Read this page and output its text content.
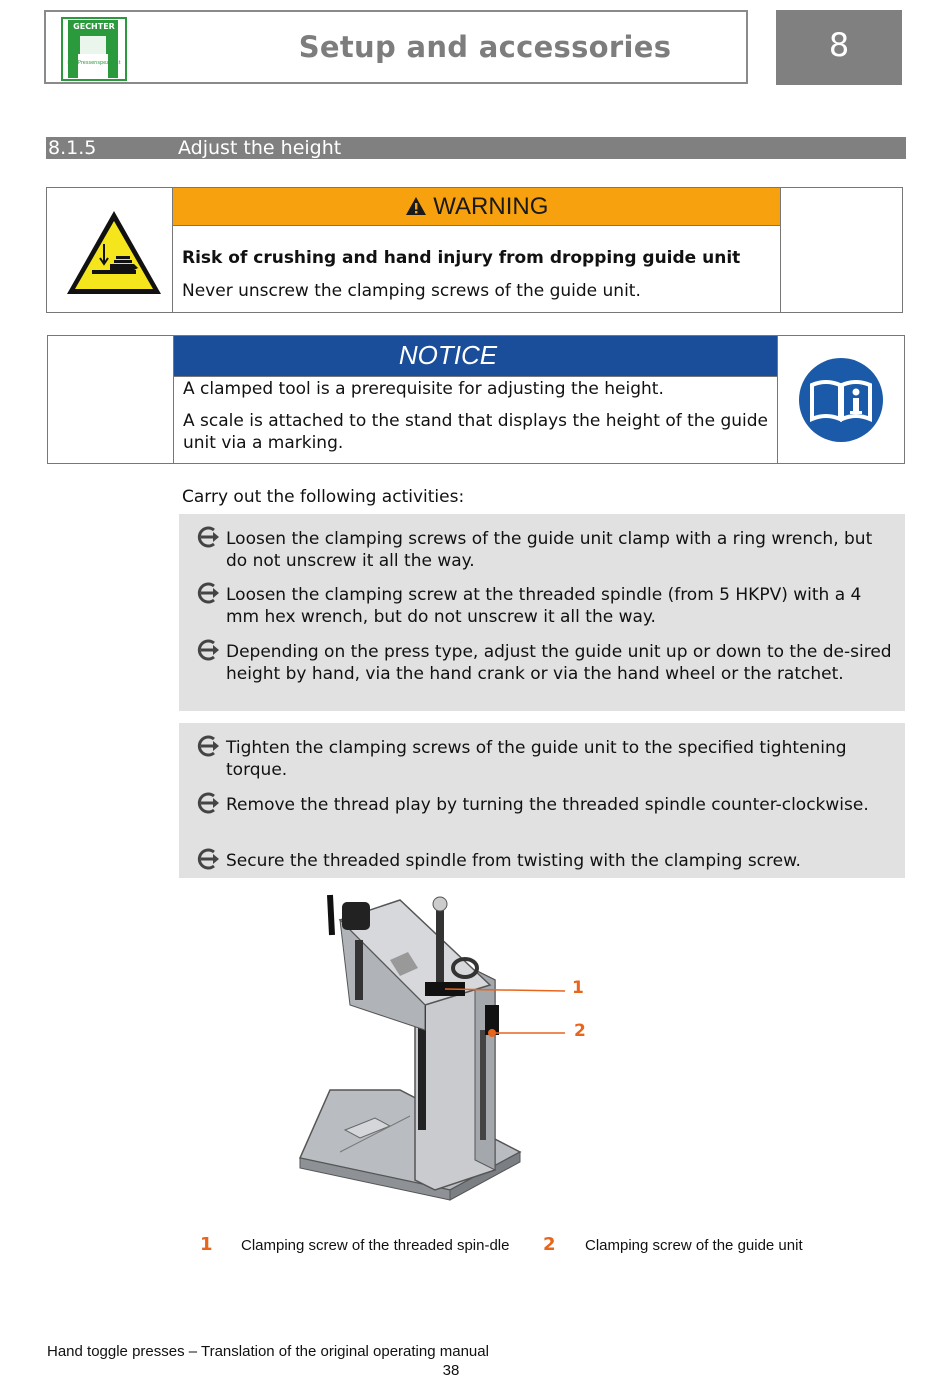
GECHTER
Der Pressenspezialist	Setup and accessories	8
8.1.5	Adjust the height
WARNING
Risk of crushing and hand injury from dropping guide unit
Never unscrew the clamping screws of the guide unit.
NOTICE
A clamped tool is a prerequisite for adjusting the height.
A scale is attached to the stand that displays the height of the guide unit via a marking.
Carry out the following activities:
Loosen the clamping screws of the guide unit clamp with a ring wrench, but do not unscrew it all the way.
Loosen the clamping screw at the threaded spindle (from 5 HKPV) with a 4 mm hex wrench, but do not unscrew it all the way.
Depending on the press type, adjust the guide unit up or down to the de-sired height by hand, via the hand crank or via the hand wheel or the ratchet.
Tighten the clamping screws of the guide unit to the specified tightening torque.
Remove the thread play by turning the threaded spindle counter-clockwise.
Secure the threaded spindle from twisting with the clamping screw.
1
2
1 Clamping screw of the threaded spin-dle	2 Clamping screw of the guide unit
Hand toggle presses – Translation of the original operating manual
38
